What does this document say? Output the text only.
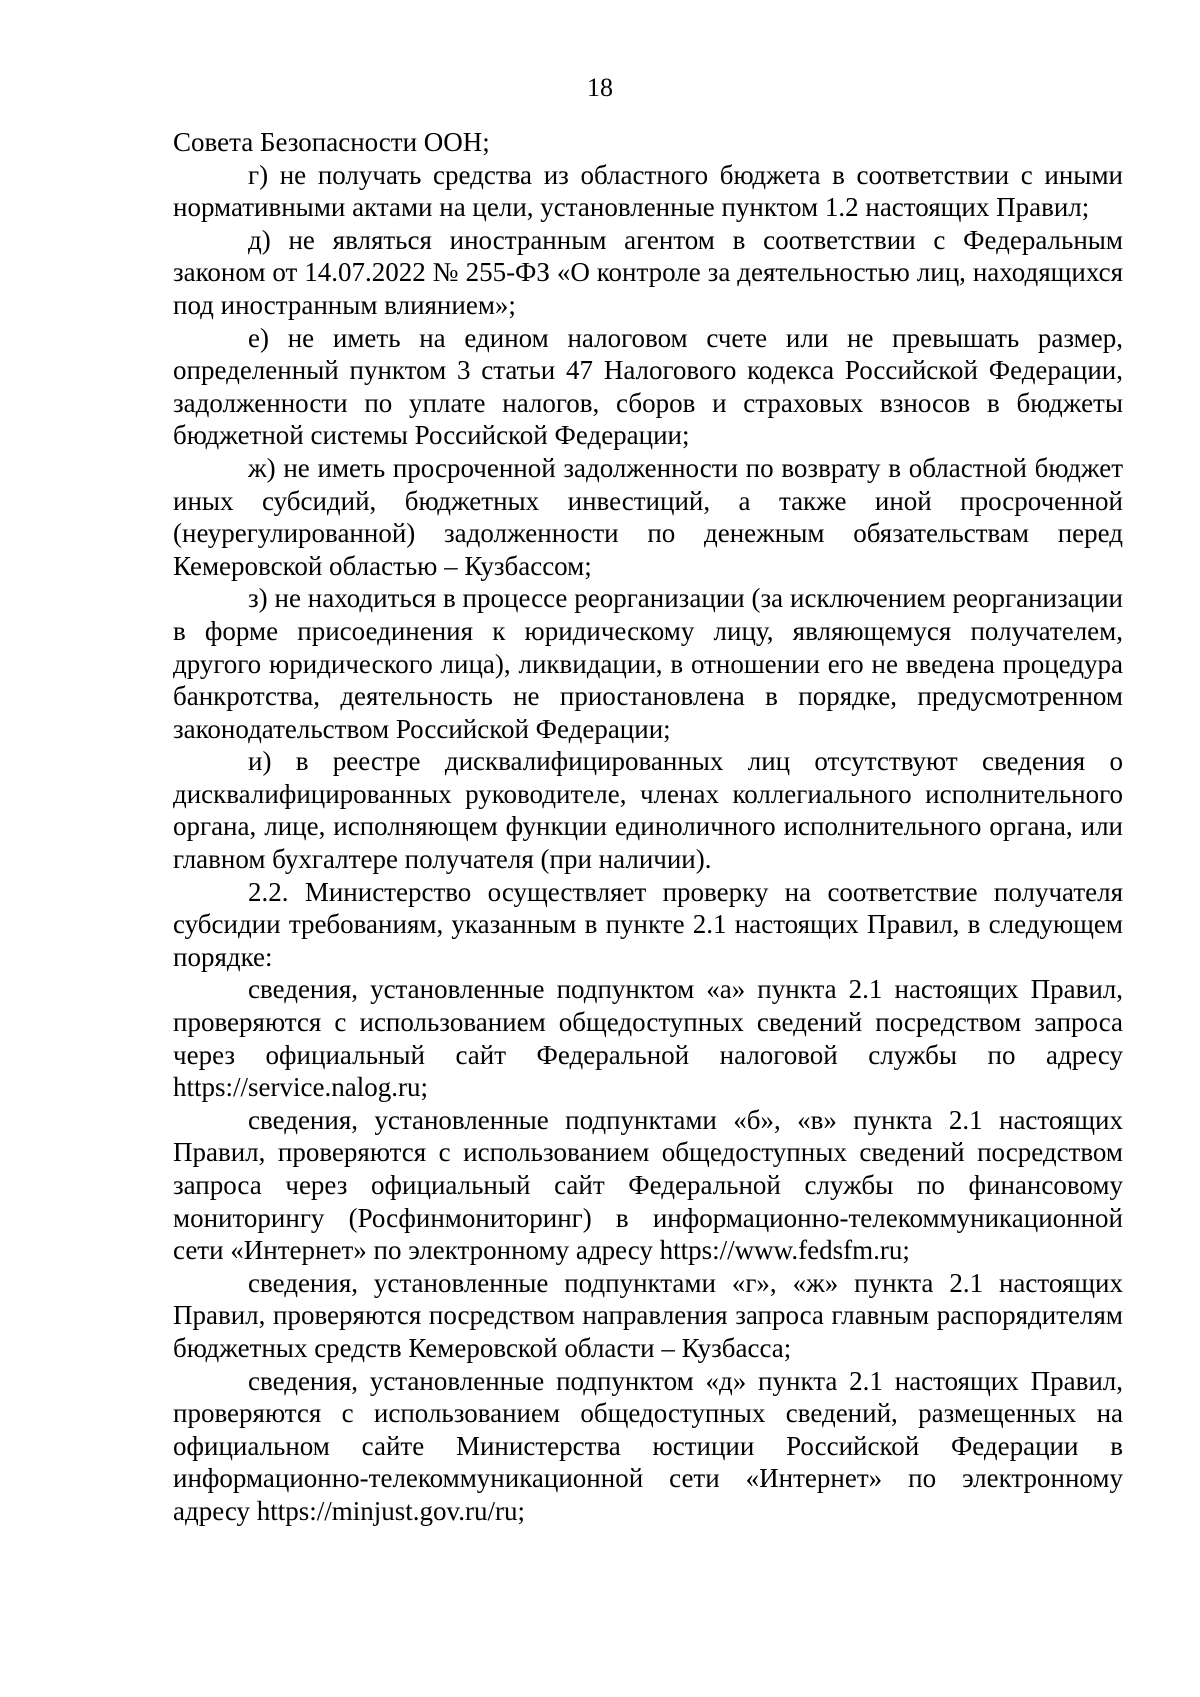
18

Совета Безопасности ООН;

г) не получать средства из областного бюджета в соответствии с иными нормативными актами на цели, установленные пунктом 1.2 настоящих Правил;

д) не являться иностранным агентом в соответствии с Федеральным законом от 14.07.2022 № 255-ФЗ «О контроле за деятельностью лиц, находящихся под иностранным влиянием»;

е) не иметь на едином налоговом счете или не превышать размер, определенный пунктом 3 статьи 47 Налогового кодекса Российской Федерации, задолженности по уплате налогов, сборов и страховых взносов в бюджеты бюджетной системы Российской Федерации;

ж) не иметь просроченной задолженности по возврату в областной бюджет иных субсидий, бюджетных инвестиций, а также иной просроченной (неурегулированной) задолженности по денежным обязательствам перед Кемеровской областью – Кузбассом;

з) не находиться в процессе реорганизации (за исключением реорганизации в форме присоединения к юридическому лицу, являющемуся получателем, другого юридического лица), ликвидации, в отношении его не введена процедура банкротства, деятельность не приостановлена в порядке, предусмотренном законодательством Российской Федерации;

и) в реестре дисквалифицированных лиц отсутствуют сведения о дисквалифицированных руководителе, членах коллегиального исполнительного органа, лице, исполняющем функции единоличного исполнительного органа, или главном бухгалтере получателя (при наличии).

2.2. Министерство осуществляет проверку на соответствие получателя субсидии требованиям, указанным в пункте 2.1 настоящих Правил, в следующем порядке:

сведения, установленные подпунктом «а» пункта 2.1 настоящих Правил, проверяются с использованием общедоступных сведений посредством запроса через официальный сайт Федеральной налоговой службы по адресу https://service.nalog.ru;

сведения, установленные подпунктами «б», «в» пункта 2.1 настоящих Правил, проверяются с использованием общедоступных сведений посредством запроса через официальный сайт Федеральной службы по финансовому мониторингу (Росфинмониторинг) в информационно-телекоммуникационной сети «Интернет» по электронному адресу https://www.fedsfm.ru;

сведения, установленные подпунктами «г», «ж» пункта 2.1 настоящих Правил, проверяются посредством направления запроса главным распорядителям бюджетных средств Кемеровской области – Кузбасса;

сведения, установленные подпунктом «д» пункта 2.1 настоящих Правил, проверяются с использованием общедоступных сведений, размещенных на официальном сайте Министерства юстиции Российской Федерации в информационно-телекоммуникационной сети «Интернет» по электронному адресу https://minjust.gov.ru/ru;
